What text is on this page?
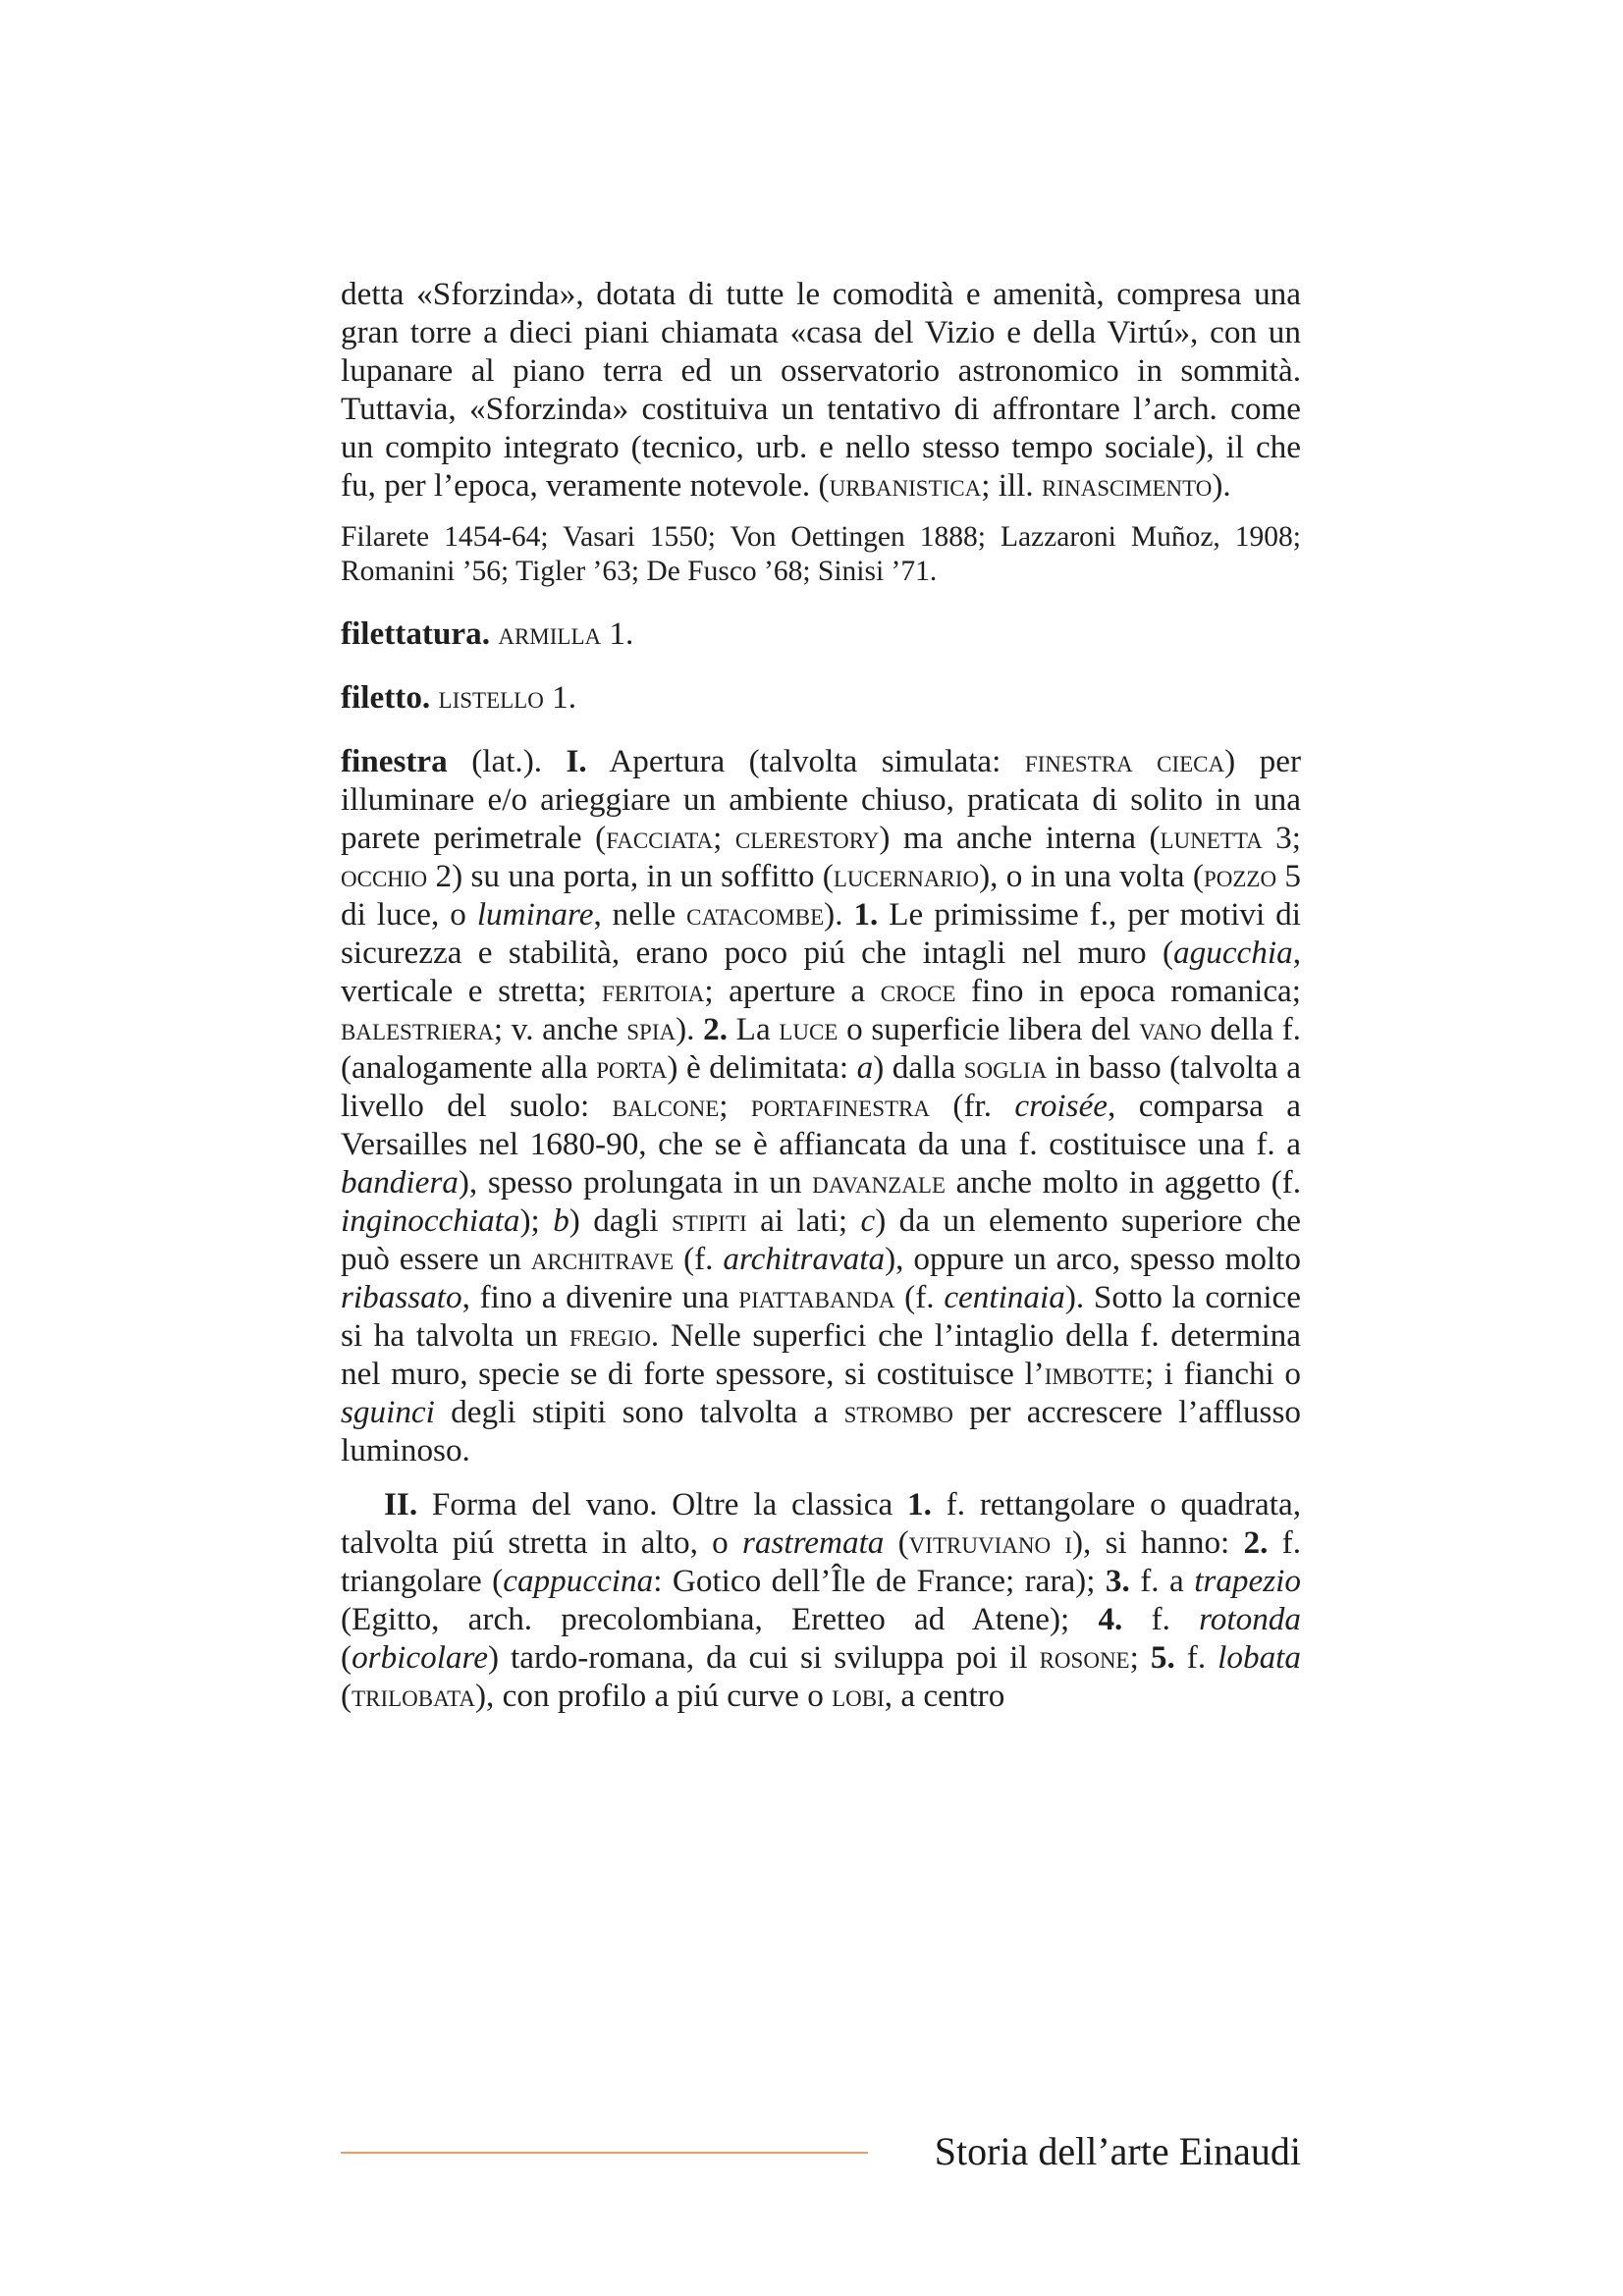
detta «Sforzinda», dotata di tutte le comodità e amenità, compresa una gran torre a dieci piani chiamata «casa del Vizio e della Virtú», con un lupanare al piano terra ed un osservatorio astronomico in sommità. Tuttavia, «Sforzinda» costituiva un tentativo di affrontare l’arch. come un compito integrato (tecnico, urb. e nello stesso tempo sociale), il che fu, per l’epoca, veramente notevole. (urbanistica; ill. rinascimento).

Filarete 1454-64; Vasari 1550; Von Oettingen 1888; Lazzaroni Muñoz, 1908; Romanini ’56; Tigler ’63; De Fusco ’68; Sinisi ’71.

filettatura. armilla 1.

filetto. listello 1.

finestra (lat.). I. Apertura (talvolta simulata: finestra cieca) per illuminare e/o arieggiare un ambiente chiuso, praticata di solito in una parete perimetrale (facciata; clerestory) ma anche interna (lunetta 3; occhio 2) su una porta, in un soffitto (lucernario), o in una volta (pozzo 5 di luce, o luminare, nelle catacombe). 1. Le primissime f., per motivi di sicurezza e stabilità, erano poco piú che intagli nel muro (agucchia, verticale e stretta; feritoia; aperture a croce fino in epoca romanica; balestriera; v. anche spia). 2. La luce o superficie libera del vano della f. (analogamente alla porta) è delimitata: a) dalla soglia in basso (talvolta a livello del suolo: balcone; portafinestra (fr. croisée, comparsa a Versailles nel 1680-90, che se è affiancata da una f. costituisce una f. a bandiera), spesso prolungata in un davanzale anche molto in aggetto (f. inginocchiata); b) dagli stipiti ai lati; c) da un elemento superiore che può essere un architrave (f. architravata), oppure un arco, spesso molto ribassato, fino a divenire una piattabanda (f. centinaia). Sotto la cornice si ha talvolta un fregio. Nelle superfici che l’intaglio della f. determina nel muro, specie se di forte spessore, si costituisce l’imbotte; i fianchi o sguinci degli stipiti sono talvolta a strombo per accrescere l’afflusso luminoso.

II. Forma del vano. Oltre la classica 1. f. rettangolare o quadrata, talvolta piú stretta in alto, o rastremata (vitruviano i), si hanno: 2. f. triangolare (cappuccina: Gotico dell’Île de France; rara); 3. f. a trapezio (Egitto, arch. precolombiana, Eretteo ad Atene); 4. f. rotonda (orbicolare) tardo-romana, da cui si sviluppa poi il rosone; 5. f. lobata (trilobata), con profilo a piú curve o lobi, a centro

Storia dell’arte Einaudi
